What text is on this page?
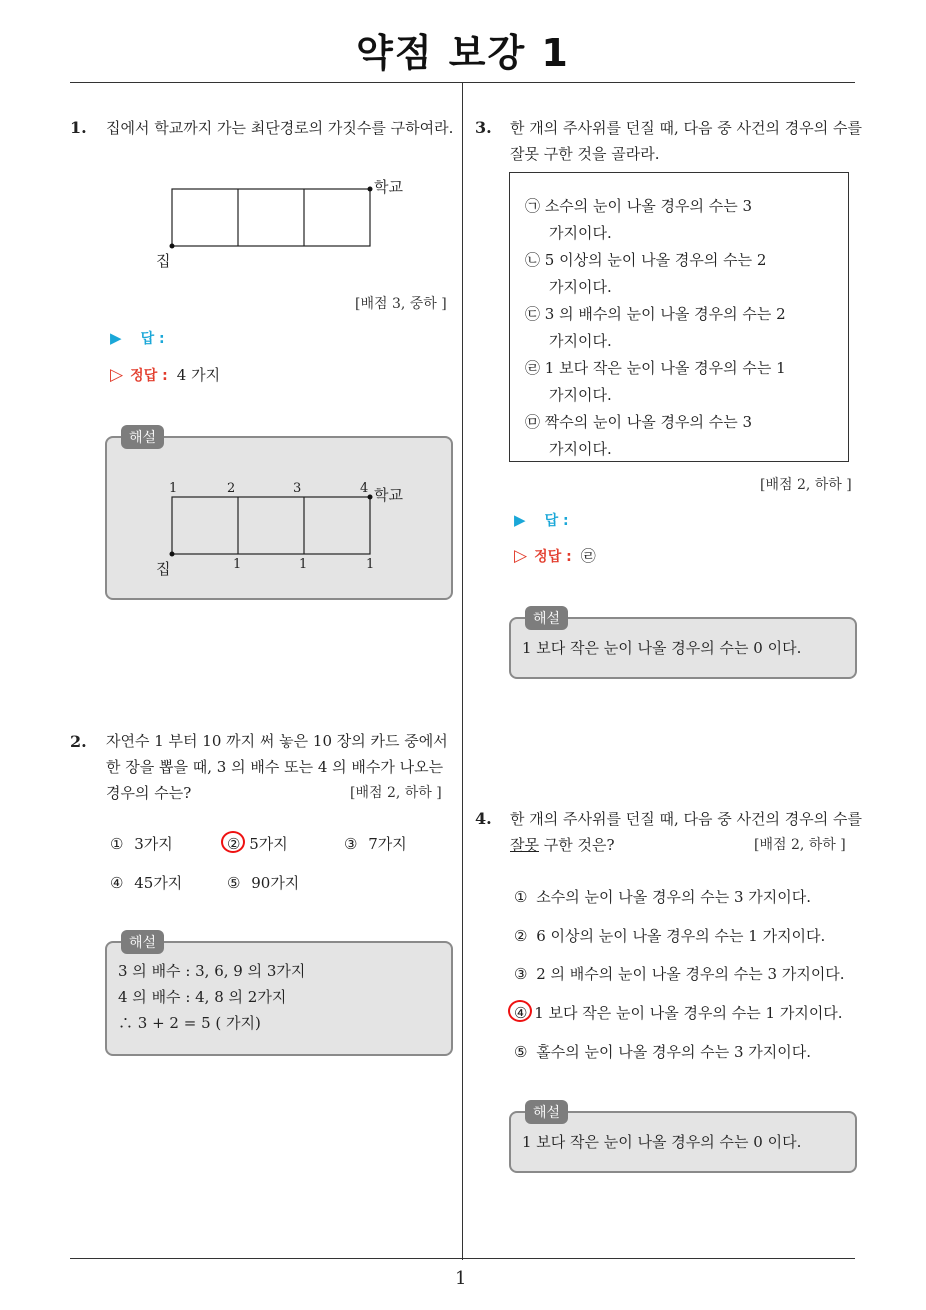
약점 보강 1
1
1. 집에서 학교까지 가는 최단경로의 가짓수를 구하여라.
학교
집
[배점 3, 중하 ]
▶ 답 :
▷ 정답 : 4 가지
해설
1	2	3	4 학교
집	1	1	1
2. 자연수 1 부터 10 까지 써 놓은 10 장의 카드 중에서
한 장을 뽑을 때, 3 의 배수 또는 4 의 배수가 나오는
경우의 수는?	[배점 2, 하하 ]
① 3가지	② 5가지	③ 7가지
④ 45가지	⑤ 90가지
해설
3 의 배수 : 3, 6, 9 의 3가지
4 의 배수 : 4, 8 의 2가지
∴ 3 + 2 = 5 ( 가지)
3. 한 개의 주사위를 던질 때, 다음 중 사건의 경우의 수를
잘못 구한 것을 골라라.
㉠ 소수의 눈이 나올 경우의 수는 3
가지이다.
㉡ 5 이상의 눈이 나올 경우의 수는 2
가지이다.
㉢ 3 의 배수의 눈이 나올 경우의 수는 2
가지이다.
㉣ 1 보다 작은 눈이 나올 경우의 수는 1
가지이다.
㉤ 짝수의 눈이 나올 경우의 수는 3
가지이다.
[배점 2, 하하 ]
▶ 답 :
▷ 정답 : ㉣
해설
1 보다 작은 눈이 나올 경우의 수는 0 이다.
4. 한 개의 주사위를 던질 때, 다음 중 사건의 경우의 수를
잘못 구한 것은?	[배점 2, 하하 ]
① 소수의 눈이 나올 경우의 수는 3 가지이다.
② 6 이상의 눈이 나올 경우의 수는 1 가지이다.
③ 2 의 배수의 눈이 나올 경우의 수는 3 가지이다.
④ 1 보다 작은 눈이 나올 경우의 수는 1 가지이다.
⑤ 홀수의 눈이 나올 경우의 수는 3 가지이다.
해설
1 보다 작은 눈이 나올 경우의 수는 0 이다.
